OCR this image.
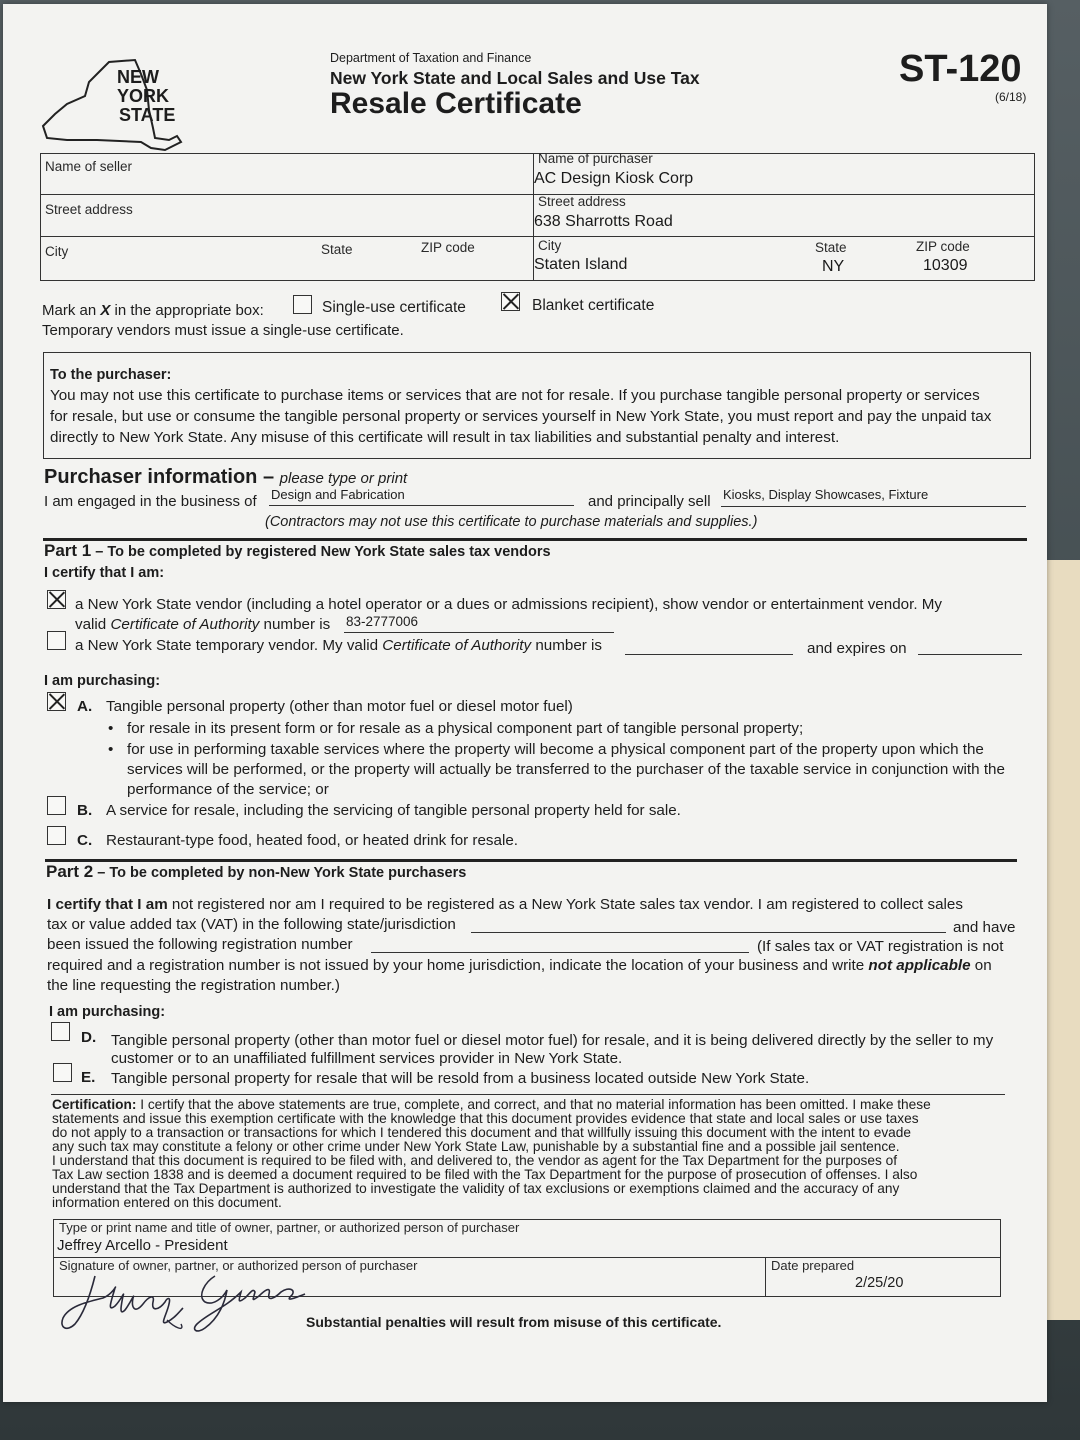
NEW
YORK
STATE
Department of Taxation and Finance
New York State and Local Sales and Use Tax
Resale Certificate
ST-120
(6/18)
Name of seller
Street address
City	State	ZIP code
Name of purchaser
AC Design Kiosk Corp
Street address
638 Sharrotts Road
City
Staten Island
State
NY
ZIP code
10309
Mark an X in the appropriate box:	Single-use certificate	Blanket certificate
Temporary vendors must issue a single-use certificate.
To the purchaser:
You may not use this certificate to purchase items or services that are not for resale. If you purchase tangible personal property or services
for resale, but use or consume the tangible personal property or services yourself in New York State, you must report and pay the unpaid tax
directly to New York State. Any misuse of this certificate will result in tax liabilities and substantial penalty and interest.
Purchaser information – please type or print
I am engaged in the business of Design and Fabrication	and principally sell Kiosks, Display Showcases, Fixture
(Contractors may not use this certificate to purchase materials and supplies.)
Part 1 – To be completed by registered New York State sales tax vendors
I certify that I am:
a New York State vendor (including a hotel operator or a dues or admissions recipient), show vendor or entertainment vendor. My
valid Certificate of Authority number is 83-2777006
a New York State temporary vendor. My valid Certificate of Authority number is	and expires on
I am purchasing:
A. Tangible personal property (other than motor fuel or diesel motor fuel)
• for resale in its present form or for resale as a physical component part of tangible personal property;
• for use in performing taxable services where the property will become a physical component part of the property upon which the
services will be performed, or the property will actually be transferred to the purchaser of the taxable service in conjunction with the
performance of the service; or
B. A service for resale, including the servicing of tangible personal property held for sale.
C. Restaurant-type food, heated food, or heated drink for resale.
Part 2 – To be completed by non-New York State purchasers
I certify that I am not registered nor am I required to be registered as a New York State sales tax vendor. I am registered to collect sales
tax or value added tax (VAT) in the following state/jurisdiction	and have
been issued the following registration number	(If sales tax or VAT registration is not
required and a registration number is not issued by your home jurisdiction, indicate the location of your business and write not applicable on
the line requesting the registration number.)
I am purchasing:
D. Tangible personal property (other than motor fuel or diesel motor fuel) for resale, and it is being delivered directly by the seller to my
customer or to an unaffiliated fulfillment services provider in New York State.
E. Tangible personal property for resale that will be resold from a business located outside New York State.
Certification: I certify that the above statements are true, complete, and correct, and that no material information has been omitted. I make these
statements and issue this exemption certificate with the knowledge that this document provides evidence that state and local sales or use taxes
do not apply to a transaction or transactions for which I tendered this document and that willfully issuing this document with the intent to evade
any such tax may constitute a felony or other crime under New York State Law, punishable by a substantial fine and a possible jail sentence.
I understand that this document is required to be filed with, and delivered to, the vendor as agent for the Tax Department for the purposes of
Tax Law section 1838 and is deemed a document required to be filed with the Tax Department for the purpose of prosecution of offenses. I also
understand that the Tax Department is authorized to investigate the validity of tax exclusions or exemptions claimed and the accuracy of any
information entered on this document.
Type or print name and title of owner, partner, or authorized person of purchaser
Jeffrey Arcello - President
Signature of owner, partner, or authorized person of purchaser	Date prepared
2/25/20
Substantial penalties will result from misuse of this certificate.
